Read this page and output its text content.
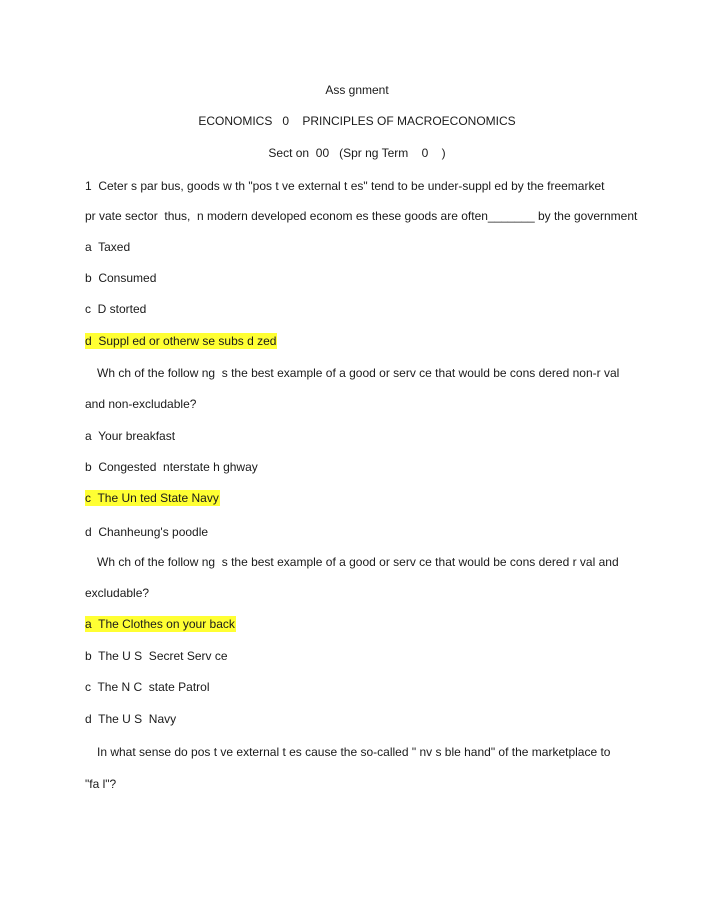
Ass gnment
ECONOMICS   0    PRINCIPLES OF MACROECONOMICS
Sect on  00   (Spr ng Term    0    )
1  Ceter s par bus, goods w th "pos t ve external t es" tend to be under-suppl ed by the freemarket
pr vate sector  thus,  n modern developed econom es these goods are often_______ by the government
a  Taxed
b  Consumed
c  D storted
d  Suppl ed or otherw se subs d zed
Wh ch of the follow ng  s the best example of a good or serv ce that would be cons dered non-r val
and non-excludable?
a  Your breakfast
b  Congested  nterstate h ghway
c  The Un ted State Navy
d  Chanheung's poodle
Wh ch of the follow ng  s the best example of a good or serv ce that would be cons dered r val and
excludable?
a  The Clothes on your back
b  The U S  Secret Serv ce
c  The N C  state Patrol
d  The U S  Navy
In what sense do pos t ve external t es cause the so-called " nv s ble hand" of the marketplace to
"fa l"?
